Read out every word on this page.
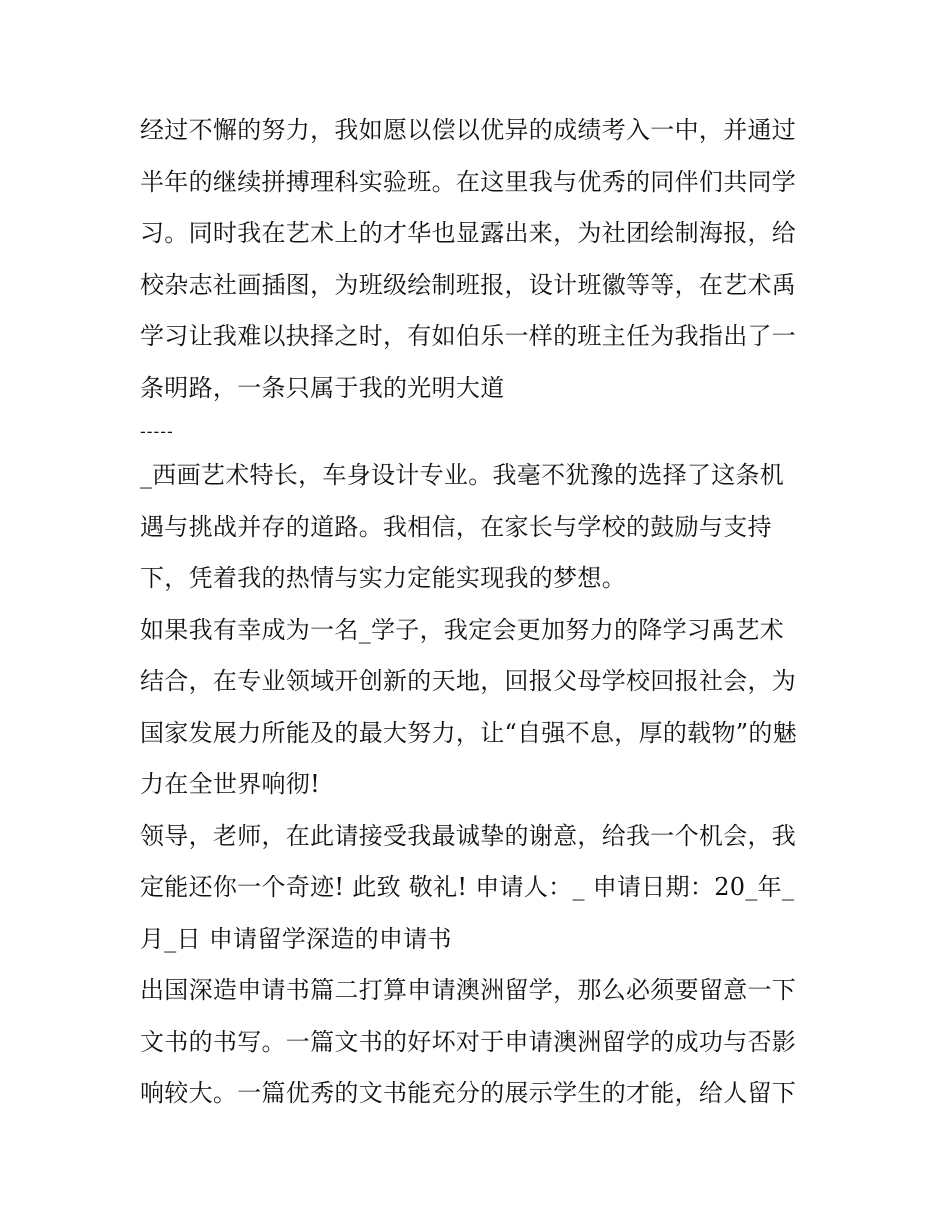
经过不懈的努力，我如愿以偿以优异的成绩考入一中，并通过
半年的继续拼搏理科实验班。在这里我与优秀的同伴们共同学
习。同时我在艺术上的才华也显露出来，为社团绘制海报，给
校杂志社画插图，为班级绘制班报，设计班徽等等，在艺术禹
学习让我难以抉择之时，有如伯乐一样的班主任为我指出了一
条明路，一条只属于我的光明大道
-----
_西画艺术特长，车身设计专业。我毫不犹豫的选择了这条机
遇与挑战并存的道路。我相信，在家长与学校的鼓励与支持
下，凭着我的热情与实力定能实现我的梦想。
如果我有幸成为一名_学子，我定会更加努力的降学习禹艺术
结合，在专业领域开创新的天地，回报父母学校回报社会，为
国家发展力所能及的最大努力，让“自强不息，厚的载物”的魅
力在全世界响彻!
领导，老师，在此请接受我最诚挚的谢意，给我一个机会，我
定能还你一个奇迹! 此致 敬礼! 申请人：_ 申请日期：20_年_
月_日 申请留学深造的申请书
出国深造申请书篇二打算申请澳洲留学，那么必须要留意一下
文书的书写。一篇文书的好坏对于申请澳洲留学的成功与否影
响较大。一篇优秀的文书能充分的展示学生的才能，给人留下
